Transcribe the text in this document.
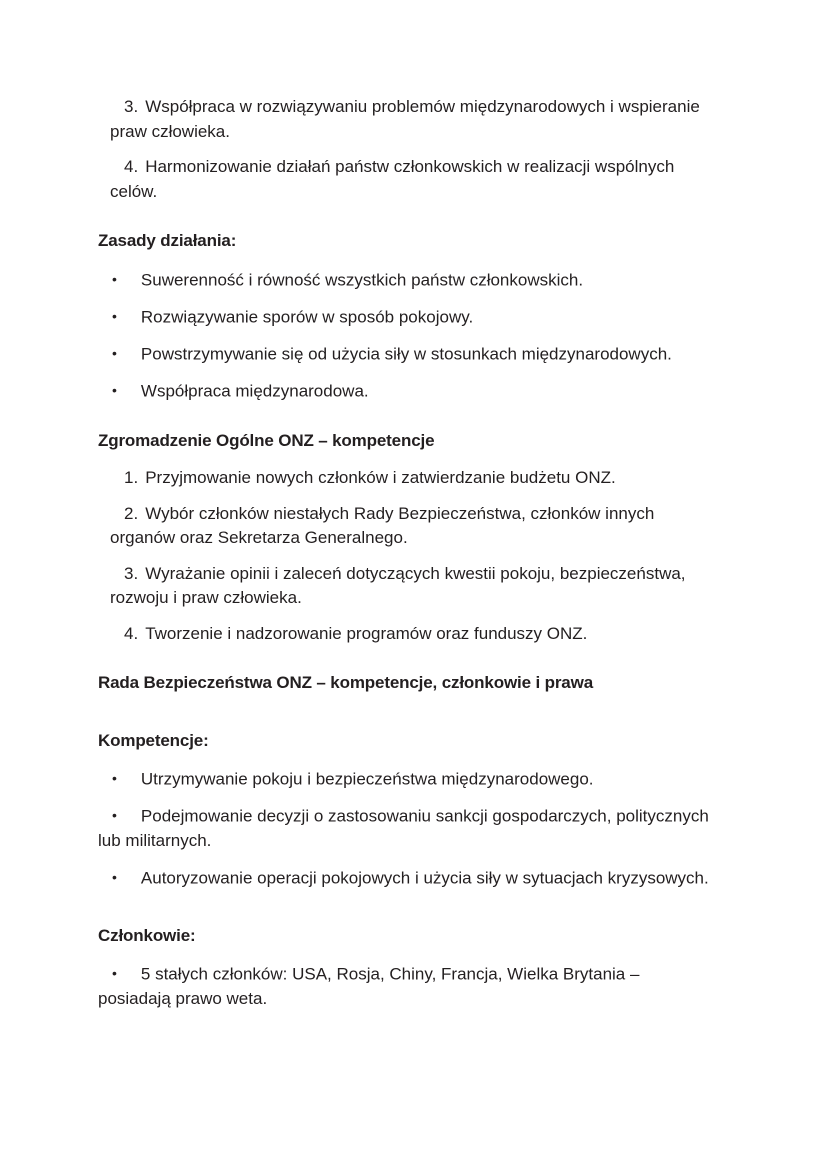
3. Współpraca w rozwiązywaniu problemów międzynarodowych i wspieranie praw człowieka.

4. Harmonizowanie działań państw członkowskich w realizacji wspólnych celów.

Zasady działania:

• Suwerenność i równość wszystkich państw członkowskich.

• Rozwiązywanie sporów w sposób pokojowy.

• Powstrzymywanie się od użycia siły w stosunkach międzynarodowych.

• Współpraca międzynarodowa.

Zgromadzenie Ogólne ONZ – kompetencje

1. Przyjmowanie nowych członków i zatwierdzanie budżetu ONZ.

2. Wybór członków niestałych Rady Bezpieczeństwa, członków innych organów oraz Sekretarza Generalnego.

3. Wyrażanie opinii i zaleceń dotyczących kwestii pokoju, bezpieczeństwa, rozwoju i praw człowieka.

4. Tworzenie i nadzorowanie programów oraz funduszy ONZ.

Rada Bezpieczeństwa ONZ – kompetencje, członkowie i prawa

Kompetencje:

• Utrzymywanie pokoju i bezpieczeństwa międzynarodowego.

• Podejmowanie decyzji o zastosowaniu sankcji gospodarczych, politycznych lub militarnych.

• Autoryzowanie operacji pokojowych i użycia siły w sytuacjach kryzysowych.

Członkowie:

• 5 stałych członków: USA, Rosja, Chiny, Francja, Wielka Brytania – posiadają prawo weta.
